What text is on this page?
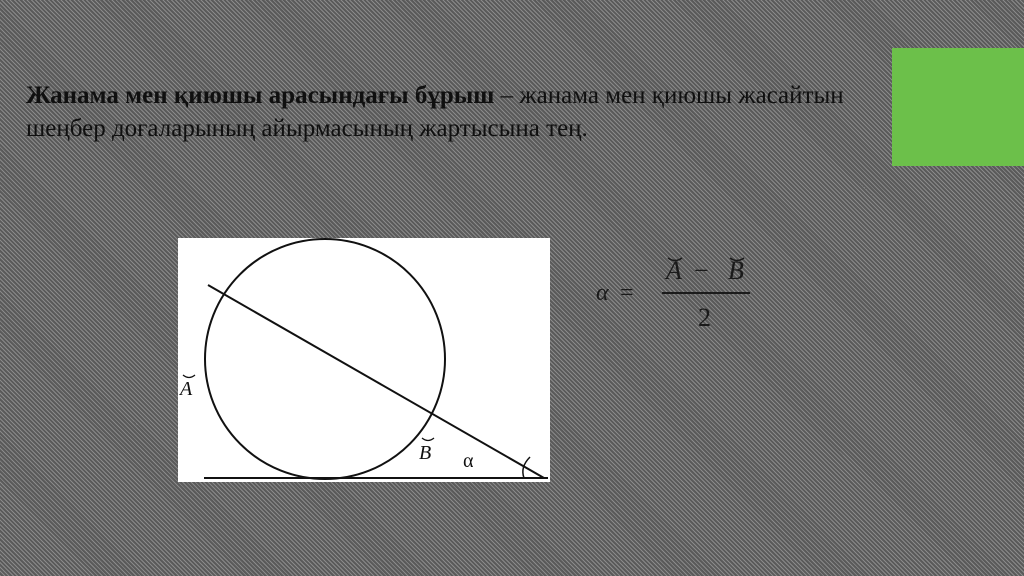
Жанама мен қиюшы арасындағы бұрыш – жанама мен қиюшы жасайтын шеңбер доғаларының айырмасының жартысына тең.
A
B α
α =
A − B
2
